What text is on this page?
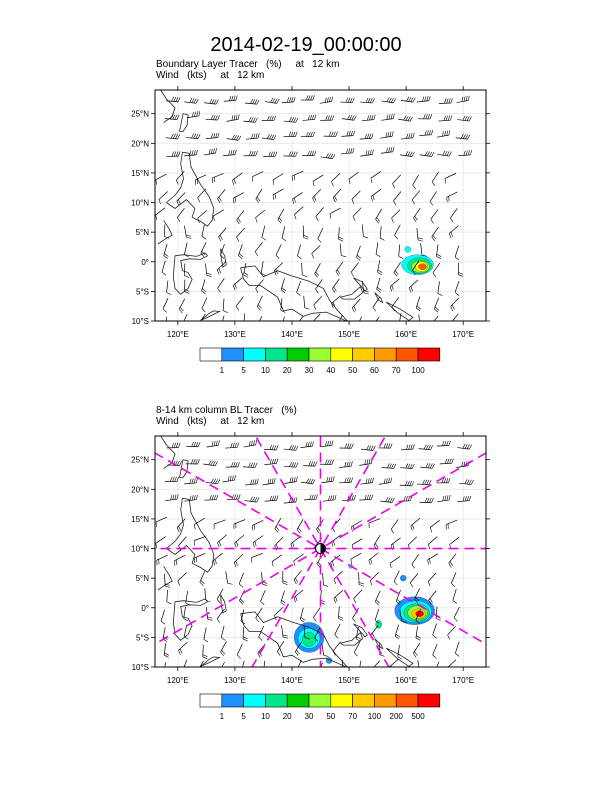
2014-02-19_00:00:00
Boundary Layer Tracer   (%)     at   12 km
Wind   (kts)     at   12 km
120°E	130°E	140°E	150°E	160°E	170°E
25°N
20°N
15°N
10°N
5°N
0°
5°S
10°S
1 5 10 20 30 40 50 60 70 100
8-14 km column BL Tracer   (%)
Wind   (kts)     at   12 km
120°E	130°E	140°E	150°E	160°E	170°E
25°N
20°N
15°N
10°N
5°N
0°
5°S
10°S
1 5 10 20 30 50 70 100 200 500
